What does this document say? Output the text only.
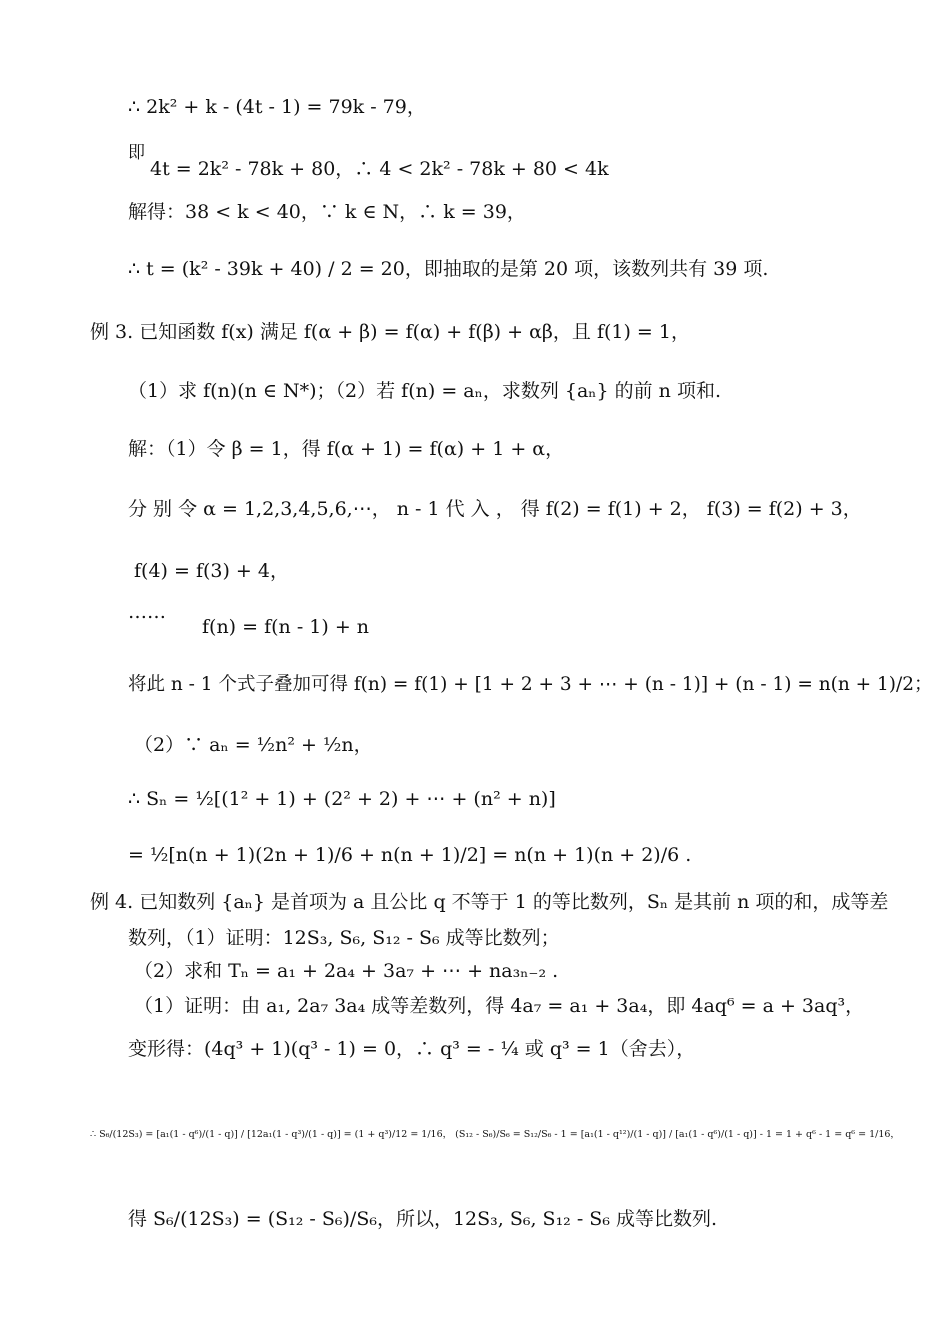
∴ 2k² + k - (4t - 1) = 79k - 79，
即
4t = 2k² - 78k + 80，∴ 4 < 2k² - 78k + 80 < 4k
解得：38 < k < 40，∵ k ∈ N，∴ k = 39，
∴ t = (k² - 39k + 40) / 2 = 20，即抽取的是第 20 项，该数列共有 39 项.
例 3. 已知函数 f(x) 满足 f(α + β) = f(α) + f(β) + αβ，且 f(1) = 1，
（1）求 f(n)(n ∈ N*)；（2）若 f(n) = aₙ，求数列 {aₙ} 的前 n 项和.
解：（1）令 β = 1，得 f(α + 1) = f(α) + 1 + α，
分 别 令 α = 1,2,3,4,5,6,⋯， n - 1 代 入 ， 得 f(2) = f(1) + 2， f(3) = f(2) + 3，
f(4) = f(3) + 4，
……
f(n) = f(n - 1) + n
将此 n - 1 个式子叠加可得 f(n) = f(1) + [1 + 2 + 3 + ⋯ + (n - 1)] + (n - 1) = n(n + 1)/2；
（2）∵ aₙ = ½n² + ½n，
∴ Sₙ = ½[(1² + 1) + (2² + 2) + ⋯ + (n² + n)]
= ½[n(n + 1)(2n + 1)/6 + n(n + 1)/2] = n(n + 1)(n + 2)/6 .
例 4. 已知数列 {aₙ} 是首项为 a 且公比 q 不等于 1 的等比数列，Sₙ 是其前 n 项的和，成等差
数列，（1）证明：12S₃, S₆, S₁₂ - S₆ 成等比数列；
（2）求和 Tₙ = a₁ + 2a₄ + 3a₇ + ⋯ + na₃ₙ₋₂ .
（1）证明：由 a₁, 2a₇ 3a₄ 成等差数列，得 4a₇ = a₁ + 3a₄，即 4aq⁶ = a + 3aq³，
变形得：(4q³ + 1)(q³ - 1) = 0，∴ q³ = - ¼ 或 q³ = 1（舍去），
∴ S₆/(12S₃) = [a₁(1 - q⁶)/(1 - q)] / [12a₁(1 - q³)/(1 - q)] = (1 + q³)/12 = 1/16， (S₁₂ - S₆)/S₆ = S₁₂/S₆ - 1 = [a₁(1 - q¹²)/(1 - q)] / [a₁(1 - q⁶)/(1 - q)] - 1 = 1 + q⁶ - 1 = q⁶ = 1/16，
得 S₆/(12S₃) = (S₁₂ - S₆)/S₆，所以，12S₃, S₆, S₁₂ - S₆ 成等比数列.
